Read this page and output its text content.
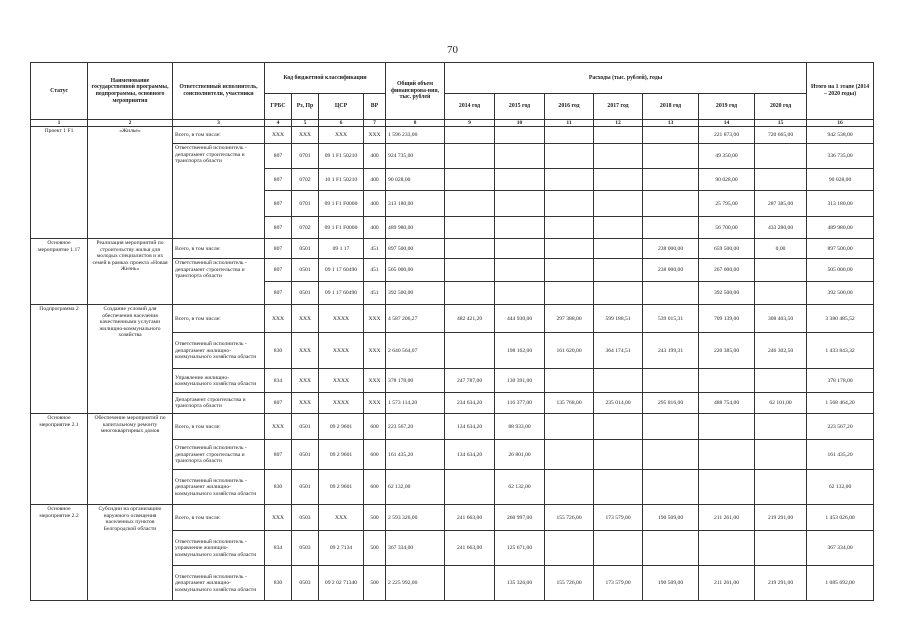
70
Статус	Наименование государственной программы, подпрограммы, основного мероприятия	Ответственный исполнитель, соисполнители, участники	Код бюджетной классификации				Общий объем финансирова-ния, тыс. рублей	Расходы (тыс. рублей), годы							Итого на 1 этапе (2014 – 2020 годы)
			ГРБС	Рз, Пр	ЦСР	ВР		2014 год	2015 год	2016 год	2017 год	2018 год	2019 год	2020 год	
1	2	3	4	5	6	7	8	9	10	11	12	13	14	15	16
Проект 1 F1	«Жилье»	Всего, в том числе:	XXX	XXX	XXX	XXX	1 596 233,00						221 873,00	720 665,00	942 538,00
		Ответственный исполнитель - департамент строительства и транспорта области	807	0701	09 1 F1 50210	400	924 735,00						49 350,00		336 735,00
			807	0702	10 1 F1 50210	400	90 028,00						90 028,00		90 028,00
			807	0701	09 1 F1 F0000	400	313 180,00						25 795,00	287 385,00	313 180,00
			807	0702	09 1 F1 F0000	400	489 980,00						56 700,00	433 280,00	489 980,00
Основное мероприятие 1.17	Реализация мероприятий по строительству жилья для молодых специалистов и их семей в рамках проекта «Новая Жизнь»	Всего, в том числе:	807	0501	09 1 17	451	897 500,00					238 000,00	659 500,00	0,00	897 500,00
		Ответственный исполнитель - департамент строительства и транспорта области	807	0501	09 1 17 60490	451	505 000,00					238 000,00	267 000,00		505 000,00
			807	0501	09 1 17 60490	451	392 500,00						392 500,00		392 500,00
Подпрограмма 2	Создание условий для обеспечения населения качественными услугами жилищно-коммунального хозяйства	Всего, в том числе:	XXX	XXX	XXXX	XXX	4 587 206,27	482 421,20	444 930,00	297 388,00	599 188,51	539 015,31	709 139,00	308 403,50	3 380 485,52
		Ответственный исполнитель - департамент жилищно-коммунального хозяйства области	830	XXX	XXXX	XXX	2 640 564,07		198 162,00	161 620,00	364 174,51	243 199,31	220 385,00	246 302,50	1 433 843,32
		Управление жилищно-коммунального хозяйства области	834	XXX	XXXX	XXX	378 178,00	247 787,00	130 391,00						378 178,00
		Департамент строительства и транспорта области	807	XXX	XXXX	XXX	1 573 114,20	234 634,20	116 377,00	135 768,00	235 014,00	295 816,00	488 754,00	62 101,00	1 568 464,20
Основное мероприятие 2.1	Обеспечение мероприятий по капитальному ремонту многоквартирных домов	Всего, в том числе:	XXX	0501	09 2 9601	600	223 567,20	134 634,20	88 933,00						223 567,20
		Ответственный исполнитель - департамент строительства и транспорта области	807	0501	09 2 9601	600	161 435,20	134 634,20	26 801,00						161 435,20
		Ответственный исполнитель - департамент жилищно-коммунального хозяйства области	830	0501	09 2 9601	600	62 132,00		62 132,00						62 132,00
Основное мероприятие 2.2	Субсидии на организацию наружного освещения населенных пунктов Белгородской области	Всего, в том числе:	XXX	0503	XXX	500	2 593 326,00	241 663,00	260 997,00	155 726,00	173 579,00	190 509,00	211 261,00	219 291,00	1 453 026,00
		Ответственный исполнитель - управление жилищно-коммунального хозяйства области	834	0503	09 2 7134	500	367 334,00	241 663,00	125 671,00						367 334,00
		Ответственный исполнитель - департамент жилищно-коммунального хозяйства области	830	0503	09 2 02 71340	500	2 225 992,00		135 326,00	155 726,00	173 579,00	190 509,00	211 261,00	219 291,00	1 085 692,00
